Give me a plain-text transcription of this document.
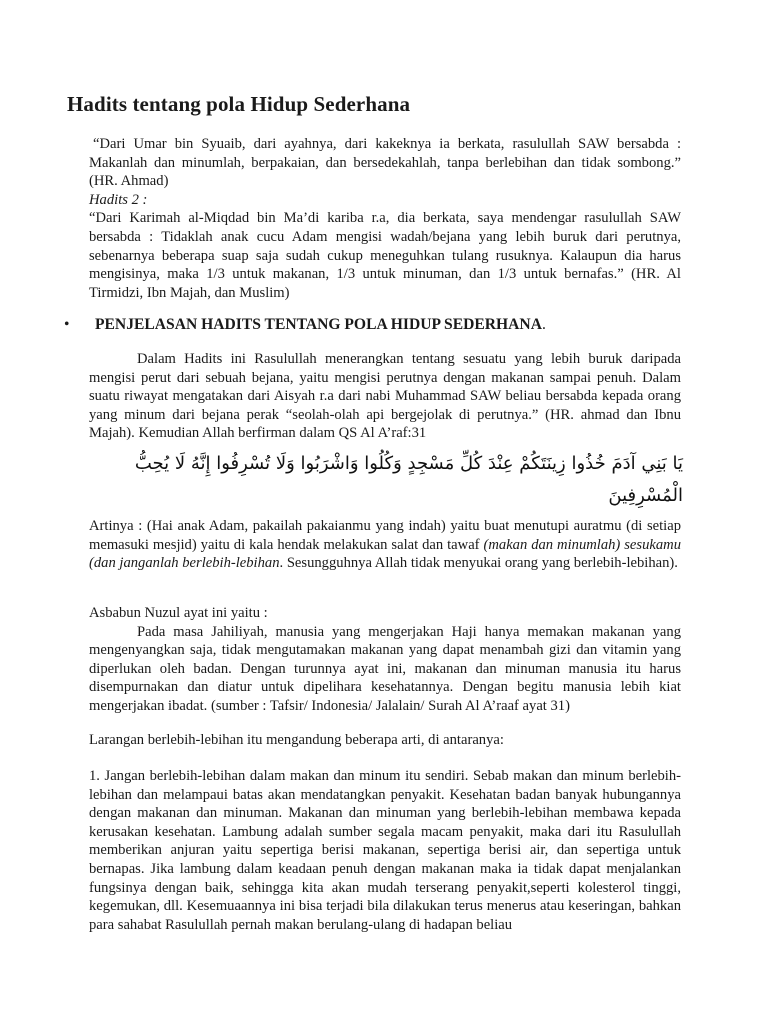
Hadits tentang pola Hidup Sederhana

“Dari Umar bin Syuaib, dari ayahnya, dari kakeknya ia berkata, rasulullah SAW bersabda : Makanlah dan minumlah, berpakaian, dan bersedekahlah, tanpa berlebihan dan tidak sombong.” (HR. Ahmad)

Hadits 2 :

“Dari Karimah al-Miqdad bin Ma’di kariba r.a, dia berkata, saya mendengar rasulullah SAW bersabda : Tidaklah anak cucu Adam mengisi wadah/bejana yang lebih buruk dari perutnya, sebenarnya beberapa suap saja sudah cukup meneguhkan tulang rusuknya. Kalaupun dia harus mengisinya, maka 1/3 untuk makanan, 1/3 untuk minuman, dan 1/3 untuk bernafas.” (HR. Al Tirmidzi, Ibn Majah, dan Muslim)

• PENJELASAN HADITS TENTANG POLA HIDUP SEDERHANA.

Dalam Hadits ini Rasulullah menerangkan tentang sesuatu yang lebih buruk daripada mengisi perut dari sebuah bejana, yaitu mengisi perutnya dengan makanan sampai penuh. Dalam suatu riwayat mengatakan dari Aisyah r.a dari nabi Muhammad SAW beliau bersabda kepada orang yang minum dari bejana perak “seolah-olah api bergejolak di perutnya.” (HR. ahmad dan Ibnu Majah). Kemudian Allah berfirman dalam QS Al A’raf:31

يَا بَنِي آدَمَ خُذُوا زِينَتَكُمْ عِنْدَ كُلِّ مَسْجِدٍ وَكُلُوا وَاشْرَبُوا وَلَا تُسْرِفُوا إِنَّهُ لَا يُحِبُّ الْمُسْرِفِينَ

Artinya : (Hai anak Adam, pakailah pakaianmu yang indah) yaitu buat menutupi auratmu (di setiap memasuki mesjid) yaitu di kala hendak melakukan salat dan tawaf (makan dan minumlah) sesukamu (dan janganlah berlebih-lebihan. Sesungguhnya Allah tidak menyukai orang yang berlebih-lebihan).

Asbabun Nuzul ayat ini yaitu :

Pada masa Jahiliyah, manusia yang mengerjakan Haji hanya memakan makanan yang mengenyangkan saja, tidak mengutamakan makanan yang dapat menambah gizi dan vitamin yang diperlukan oleh badan. Dengan turunnya ayat ini, makanan dan minuman manusia itu harus disempurnakan dan diatur untuk dipelihara kesehatannya. Dengan begitu manusia lebih kiat mengerjakan ibadat. (sumber : Tafsir/ Indonesia/ Jalalain/ Surah Al A’raaf ayat 31)

Larangan berlebih-lebihan itu mengandung beberapa arti, di antaranya:

1. Jangan berlebih-lebihan dalam makan dan minum itu sendiri. Sebab makan dan minum berlebih-lebihan dan melampaui batas akan mendatangkan penyakit. Kesehatan badan banyak hubungannya dengan makanan dan minuman. Makanan dan minuman yang berlebih-lebihan membawa kepada kerusakan kesehatan. Lambung adalah sumber segala macam penyakit, maka dari itu Rasulullah memberikan anjuran yaitu sepertiga berisi makanan, sepertiga berisi air, dan sepertiga untuk bernapas. Jika lambung dalam keadaan penuh dengan makanan maka ia tidak dapat menjalankan fungsinya dengan baik, sehingga kita akan mudah terserang penyakit,seperti kolesterol tinggi, kegemukan, dll. Kesemuaannya ini bisa terjadi bila dilakukan terus menerus atau keseringan, bahkan para sahabat Rasulullah pernah makan berulang-ulang di hadapan beliau
